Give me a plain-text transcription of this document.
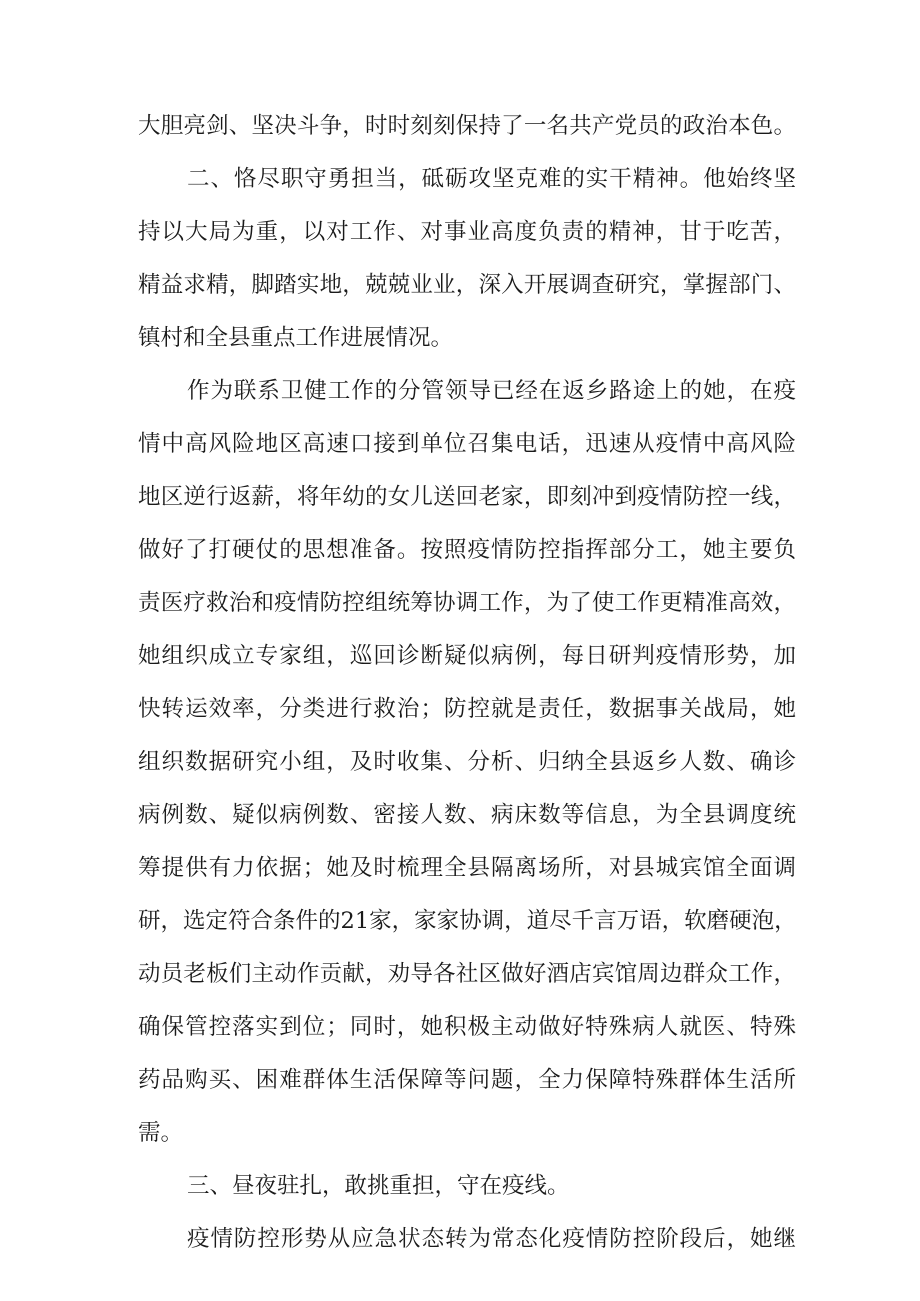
大胆亮剑、坚决斗争，时时刻刻保持了一名共产党员的政治本色。
二、恪尽职守勇担当，砥砺攻坚克难的实干精神。他始终坚
持以大局为重，以对工作、对事业高度负责的精神，甘于吃苦，
精益求精，脚踏实地，兢兢业业，深入开展调查研究，掌握部门、
镇村和全县重点工作进展情况。
作为联系卫健工作的分管领导已经在返乡路途上的她，在疫
情中高风险地区高速口接到单位召集电话，迅速从疫情中高风险
地区逆行返薪，将年幼的女儿送回老家，即刻冲到疫情防控一线，
做好了打硬仗的思想准备。按照疫情防控指挥部分工，她主要负
责医疗救治和疫情防控组统筹协调工作，为了使工作更精准高效，
她组织成立专家组，巡回诊断疑似病例，每日研判疫情形势，加
快转运效率，分类进行救治；防控就是责任，数据事关战局，她
组织数据研究小组，及时收集、分析、归纳全县返乡人数、确诊
病例数、疑似病例数、密接人数、病床数等信息，为全县调度统
筹提供有力依据；她及时梳理全县隔离场所，对县城宾馆全面调
研，选定符合条件的21家，家家协调，道尽千言万语，软磨硬泡，
动员老板们主动作贡献，劝导各社区做好酒店宾馆周边群众工作，
确保管控落实到位；同时，她积极主动做好特殊病人就医、特殊
药品购买、困难群体生活保障等问题，全力保障特殊群体生活所
需。
三、昼夜驻扎，敢挑重担，守在疫线。
疫情防控形势从应急状态转为常态化疫情防控阶段后，她继
